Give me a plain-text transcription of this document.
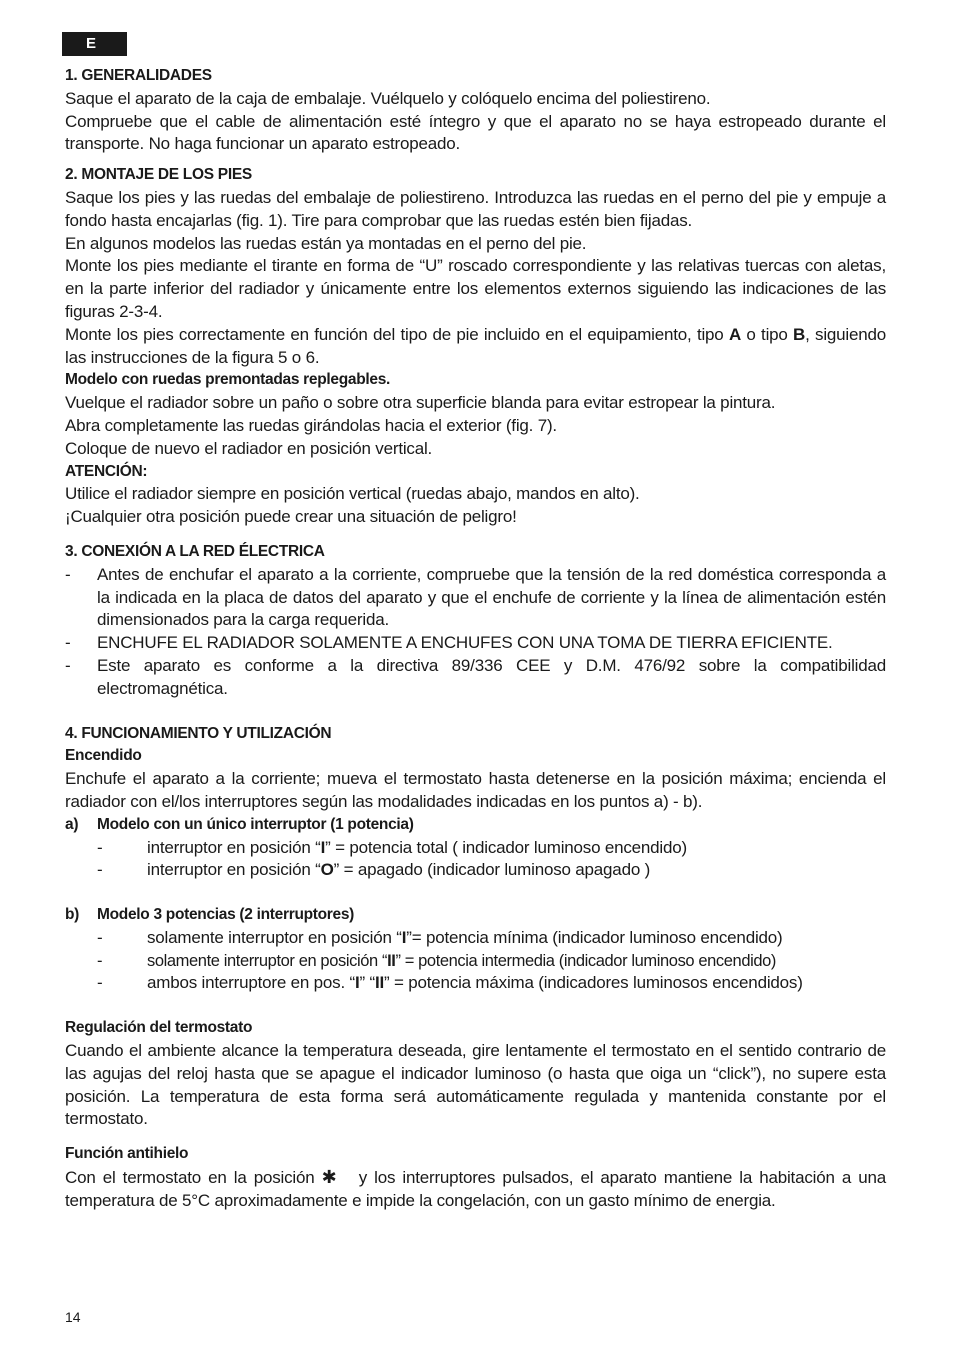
E

1. GENERALIDADES

Saque el aparato de la caja de embalaje. Vuélquelo y colóquelo encima del poliestireno.

Compruebe que el cable de alimentación esté íntegro y que el aparato no se haya estropeado durante el transporte. No haga funcionar un aparato estropeado.

2. MONTAJE DE LOS PIES

Saque los pies y las ruedas del embalaje de poliestireno. Introduzca las ruedas en el perno del pie y empuje a fondo hasta encajarlas (fig. 1). Tire para comprobar que las ruedas estén bien fijadas.

En algunos modelos las ruedas están ya montadas en el perno del pie.

Monte los pies mediante el tirante en forma de “U” roscado correspondiente y las relativas tuercas con aletas, en la parte inferior del radiador y únicamente entre los elementos externos siguiendo las indicaciones de las figuras 2-3-4.

Monte los pies correctamente en función del tipo de pie incluido en el equipamiento, tipo A o tipo B, siguiendo las instrucciones de la figura 5 o 6.

Modelo con ruedas premontadas replegables.

Vuelque el radiador sobre un paño o sobre otra superficie blanda para evitar estropear la pintura.

Abra completamente las ruedas girándolas hacia el exterior (fig. 7).

Coloque de nuevo el radiador en posición vertical.

ATENCIÓN:

Utilice el radiador siempre en posición vertical (ruedas abajo, mandos en alto).

¡Cualquier otra posición puede crear una situación de peligro!

3. CONEXIÓN A LA RED ÉLECTRICA

- Antes de enchufar el aparato a la corriente, compruebe que la tensión de la red doméstica corresponda a la indicada en la placa de datos del aparato y que el enchufe de corriente y la línea de alimentación estén dimensionados para la carga requerida.

- ENCHUFE EL RADIADOR SOLAMENTE A ENCHUFES CON UNA TOMA DE TIERRA EFICIENTE.

- Este aparato es conforme a la directiva 89/336 CEE y D.M. 476/92 sobre la compatibilidad electromagnética.

4. FUNCIONAMIENTO Y UTILIZACIÓN

Encendido

Enchufe el aparato a la corriente; mueva el termostato hasta detenerse en la posición máxima; encienda el radiador con el/los interruptores según las modalidades indicadas en los puntos a) - b).

a) Modelo con un único interruptor (1 potencia)

-	interruptor en posición “I” = potencia total ( indicador luminoso encendido)

-	interruptor en posición “O” = apagado (indicador luminoso apagado )

b) Modelo 3 potencias (2 interruptores)

-	solamente interruptor en posición “I”= potencia mínima (indicador luminoso encendido)

-	solamente interruptor en posición “II” = potencia intermedia (indicador luminoso encendido)

-	ambos interruptore en pos. “I” “II” = potencia máxima (indicadores luminosos encendidos)

Regulación del termostato

Cuando el ambiente alcance la temperatura deseada, gire lentamente el termostato en el sentido contrario de las agujas del reloj hasta que se apague el indicador luminoso (o hasta que oiga un “click”), no supere esta posición. La temperatura de esta forma será automáticamente regulada y mantenida constante por el termostato.

Función antihielo

Con el termostato en la posición ✱ y los interruptores pulsados, el aparato mantiene la habitación a una temperatura de 5°C aproximadamente e impide la congelación, con un gasto mínimo de energia.

14
